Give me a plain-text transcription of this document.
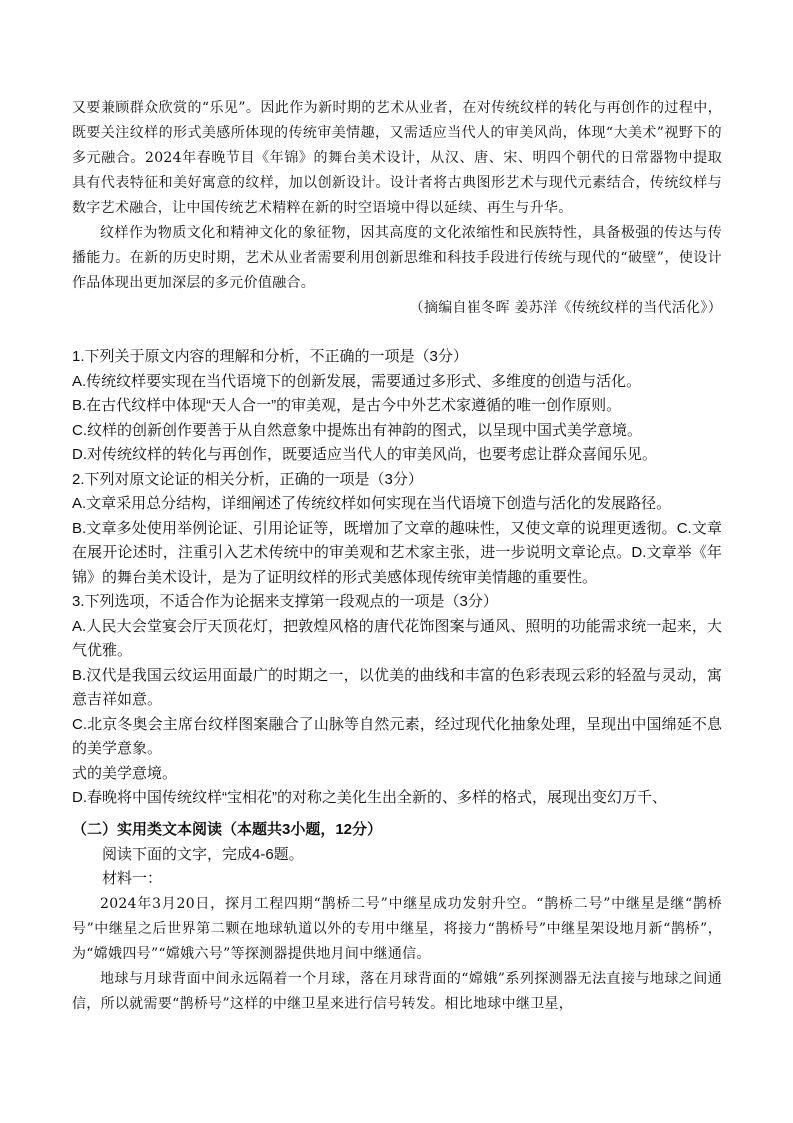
又要兼顾群众欣赏的“乐见”。因此作为新时期的艺术从业者，在对传统纹样的转化与再创作的过程中，既要关注纹样的形式美感所体现的传统审美情趣，又需适应当代人的审美风尚，体现“大美术”视野下的多元融合。2024年春晚节目《年锦》的舞台美术设计，从汉、唐、宋、明四个朝代的日常器物中提取具有代表特征和美好寓意的纹样，加以创新设计。设计者将古典图形艺术与现代元素结合，传统纹样与数字艺术融合，让中国传统艺术精粹在新的时空语境中得以延续、再生与升华。

纹样作为物质文化和精神文化的象征物，因其高度的文化浓缩性和民族特性，具备极强的传达与传播能力。在新的历史时期，艺术从业者需要利用创新思维和科技手段进行传统与现代的“破壁”，使设计作品体现出更加深层的多元价值融合。

（摘编自崔冬晖 姜苏洋《传统纹样的当代活化》）

1.下列关于原文内容的理解和分析，不正确的一项是（3分）

A.传统纹样要实现在当代语境下的创新发展，需要通过多形式、多维度的创造与活化。

B.在古代纹样中体现“天人合一”的审美观，是古今中外艺术家遵循的唯一创作原则。

C.纹样的创新创作要善于从自然意象中提炼出有神韵的图式，以呈现中国式美学意境。

D.对传统纹样的转化与再创作，既要适应当代人的审美风尚，也要考虑让群众喜闻乐见。

2.下列对原文论证的相关分析，正确的一项是（3分）

A.文章采用总分结构，详细阐述了传统纹样如何实现在当代语境下创造与活化的发展路径。

B.文章多处使用举例论证、引用论证等，既增加了文章的趣味性，又使文章的说理更透彻。C.文章在展开论述时，注重引入艺术传统中的审美观和艺术家主张，进一步说明文章论点。D.文章举《年锦》的舞台美术设计，是为了证明纹样的形式美感体现传统审美情趣的重要性。

3.下列选项，不适合作为论据来支撑第一段观点的一项是（3分）

A.人民大会堂宴会厅天顶花灯，把敦煌风格的唐代花饰图案与通风、照明的功能需求统一起来，大气优雅。

B.汉代是我国云纹运用面最广的时期之一，以优美的曲线和丰富的色彩表现云彩的轻盈与灵动，寓意吉祥如意。

C.北京冬奥会主席台纹样图案融合了山脉等自然元素，经过现代化抽象处理，呈现出中国绵延不息的美学意象。

式的美学意境。

D.春晚将中国传统纹样“宝相花”的对称之美化生出全新的、多样的格式，展现出变幻万千、

（二）实用类文本阅读（本题共3小题，12分）

阅读下面的文字，完成4-6题。

材料一：

2024年3月20日，探月工程四期“鹊桥二号”中继星成功发射升空。“鹊桥二号”中继星是继“鹊桥号”中继星之后世界第二颗在地球轨道以外的专用中继星，将接力“鹊桥号”中继星架设地月新“鹊桥”，为“嫦娥四号”“嫦娥六号”等探测器提供地月间中继通信。

地球与月球背面中间永远隔着一个月球，落在月球背面的“嫦娥”系列探测器无法直接与地球之间通信，所以就需要“鹊桥号”这样的中继卫星来进行信号转发。相比地球中继卫星，
